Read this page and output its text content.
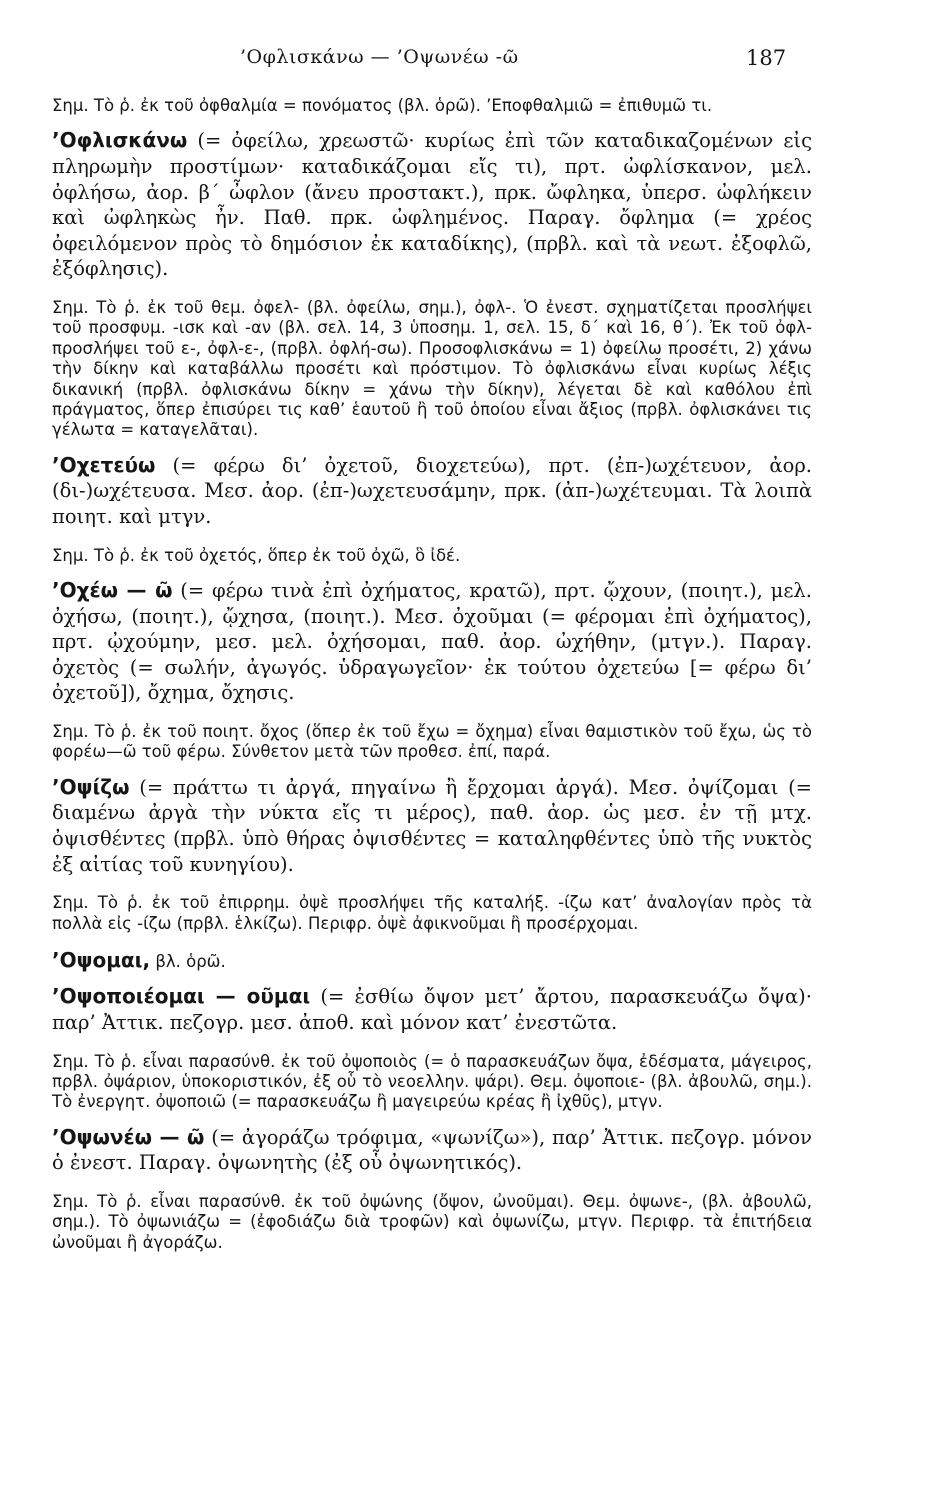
’Οφλισκάνω — ’Οψωνέω -ῶ	187

Σημ. Τὸ ῥ. ἐκ τοῦ ὀφθαλμία = πονόματος (βλ. ὁρῶ). ’Εποφθαλμιῶ = ἐπιθυμῶ τι.

’Οφλισκάνω (= ὀφείλω, χρεωστῶ· κυρίως ἐπὶ τῶν καταδικαζομένων εἰς πληρωμὴν προστίμων· καταδικάζομαι εἴς τι), πρτ. ὠφλίσκανον, μελ. ὀφλήσω, ἀορ. β΄ ὦφλον (ἄνευ προστακτ.), πρκ. ὤφληκα, ὑπερσ. ὠφλήκειν καὶ ὠφληκὼς ἦν. Παθ. πρκ. ὠφλημένος. Παραγ. ὄφλημα (= χρέος ὀφειλόμενον πρὸς τὸ δημόσιον ἐκ καταδίκης), (πρβλ. καὶ τὰ νεωτ. ἐξοφλῶ, ἐξόφλησις).

Σημ. Τὸ ῥ. ἐκ τοῦ θεμ. ὀφελ- (βλ. ὀφείλω, σημ.), ὀφλ-. Ὁ ἐνεστ. σχηματίζεται προσλήψει τοῦ προσφυμ. -ισκ καὶ -αν (βλ. σελ. 14, 3 ὑποσημ. 1, σελ. 15, δ΄ καὶ 16, θ΄). Ἐκ τοῦ ὀφλ- προσλήψει τοῦ ε-, ὀφλ-ε-, (πρβλ. ὀφλή-σω). Προσοφλισκάνω = 1) ὀφείλω προσέτι, 2) χάνω τὴν δίκην καὶ καταβάλλω προσέτι καὶ πρόστιμον. Τὸ ὀφλισκάνω εἶναι κυρίως λέξις δικανική (πρβλ. ὀφλισκάνω δίκην = χάνω τὴν δίκην), λέγεται δὲ καὶ καθόλου ἐπὶ πράγματος, ὅπερ ἐπισύρει τις καθ’ ἑαυτοῦ ἢ τοῦ ὁποίου εἶναι ἄξιος (πρβλ. ὀφλισκάνει τις γέλωτα = καταγελᾶται).

’Οχετεύω (= φέρω δι’ ὀχετοῦ, διοχετεύω), πρτ. (ἐπ-)ωχέτευον, ἀορ. (δι-)ωχέτευσα. Μεσ. ἀορ. (ἐπ-)ωχετευσάμην, πρκ. (ἀπ-)ωχέτευμαι. Τὰ λοιπὰ ποιητ. καὶ μτγν.

Σημ. Τὸ ῥ. ἐκ τοῦ ὀχετός, ὅπερ ἐκ τοῦ ὀχῶ, ὃ ἰδέ.

’Οχέω — ῶ (= φέρω τινὰ ἐπὶ ὀχήματος, κρατῶ), πρτ. ᾤχουν, (ποιητ.), μελ. ὀχήσω, (ποιητ.), ᾤχησα, (ποιητ.). Μεσ. ὀχοῦμαι (= φέρομαι ἐπὶ ὀχήματος), πρτ. ᾠχούμην, μεσ. μελ. ὀχήσομαι, παθ. ἀορ. ὠχήθην, (μτγν.). Παραγ. ὀχετὸς (= σωλήν, ἀγωγός. ὑδραγωγεῖον· ἐκ τούτου ὀχετεύω [= φέρω δι’ ὀχετοῦ]), ὄχημα, ὄχησις.

Σημ. Τὸ ῥ. ἐκ τοῦ ποιητ. ὄχος (ὅπερ ἐκ τοῦ ἔχω = ὄχημα) εἶναι θαμιστικὸν τοῦ ἔχω, ὡς τὸ φορέω—ῶ τοῦ φέρω. Σύνθετον μετὰ τῶν προθεσ. ἐπί, παρά.

’Οψίζω (= πράττω τι ἀργά, πηγαίνω ἢ ἔρχομαι ἀργά). Μεσ. ὀψίζομαι (= διαμένω ἀργὰ τὴν νύκτα εἴς τι μέρος), παθ. ἀορ. ὡς μεσ. ἐν τῇ μτχ. ὀψισθέντες (πρβλ. ὑπὸ θήρας ὀψισθέντες = καταληφθέντες ὑπὸ τῆς νυκτὸς ἐξ αἰτίας τοῦ κυνηγίου).

Σημ. Τὸ ῥ. ἐκ τοῦ ἐπιρρημ. ὀψὲ προσλήψει τῆς καταλήξ. -ίζω κατ’ ἀναλογίαν πρὸς τὰ πολλὰ εἰς -ίζω (πρβλ. ἑλκίζω). Περιφρ. ὀψὲ ἀφικνοῦμαι ἢ προσέρχομαι.

’Οψομαι, βλ. ὁρῶ.

’Οψοποιέομαι — οῦμαι (= ἐσθίω ὄψον μετ’ ἄρτου, παρασκευάζω ὄψα)· παρ’ Ἀττικ. πεζογρ. μεσ. ἀποθ. καὶ μόνον κατ’ ἐνεστῶτα.

Σημ. Τὸ ῥ. εἶναι παρασύνθ. ἐκ τοῦ ὀψοποιὸς (= ὁ παρασκευάζων ὄψα, ἐδέσματα, μάγειρος, πρβλ. ὀψάριον, ὑποκοριστικόν, ἐξ οὗ τὸ νεοελλην. ψάρι). Θεμ. ὀψοποιε- (βλ. ἀβουλῶ, σημ.). Τὸ ἐνεργητ. ὀψοποιῶ (= παρασκευάζω ἢ μαγειρεύω κρέας ἢ ἰχθῦς), μτγν.

’Οψωνέω — ῶ (= ἀγοράζω τρόφιμα, «ψωνίζω»), παρ’ Ἀττικ. πεζογρ. μόνον ὁ ἐνεστ. Παραγ. ὀψωνητὴς (ἐξ οὗ ὀψωνητικός).

Σημ. Τὸ ῥ. εἶναι παρασύνθ. ἐκ τοῦ ὀψώνης (ὄψον, ὠνοῦμαι). Θεμ. ὀψωνε-, (βλ. ἀβουλῶ, σημ.). Τὸ ὀψωνιάζω = (ἐφοδιάζω διὰ τροφῶν) καὶ ὀψωνίζω, μτγν. Περιφρ. τὰ ἐπιτήδεια ὠνοῦμαι ἢ ἀγοράζω.
